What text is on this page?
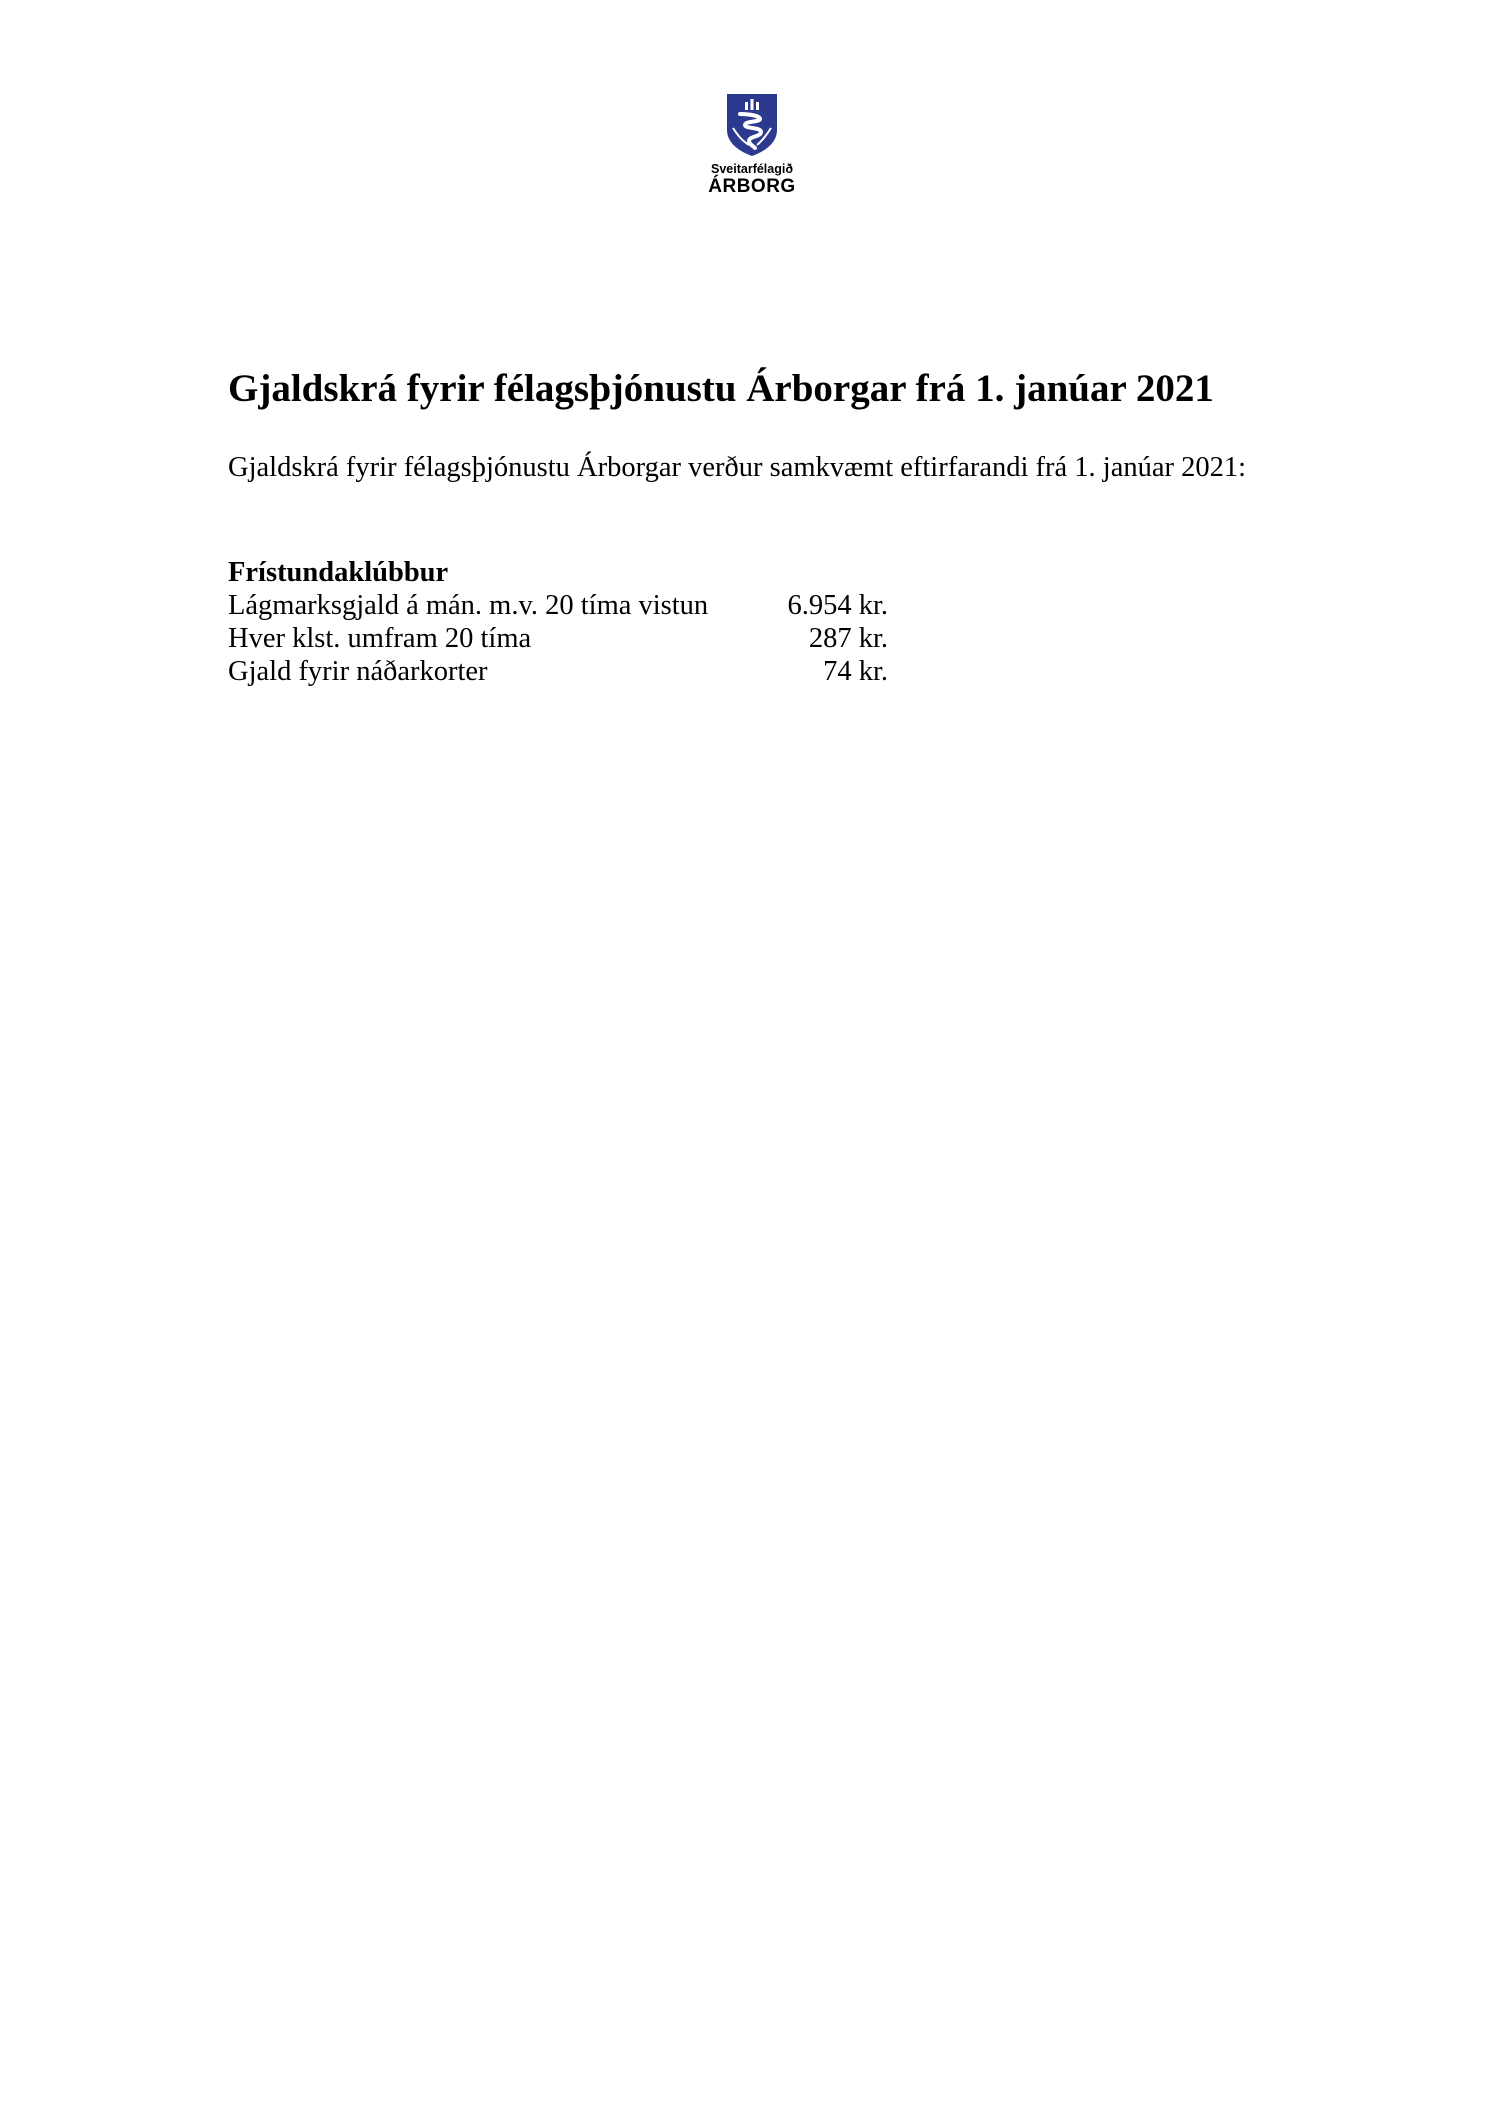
Sveitarfélagið
ÁRBORG
Gjaldskrá fyrir félagsþjónustu Árborgar frá 1. janúar 2021

Gjaldskrá fyrir félagsþjónustu Árborgar verður samkvæmt eftirfarandi frá 1. janúar 2021:

Frístundaklúbbur
Lágmarksgjald á mán. m.v. 20 tíma vistun	6.954 kr.
Hver klst. umfram 20 tíma	287 kr.
Gjald fyrir náðarkorter	74 kr.
